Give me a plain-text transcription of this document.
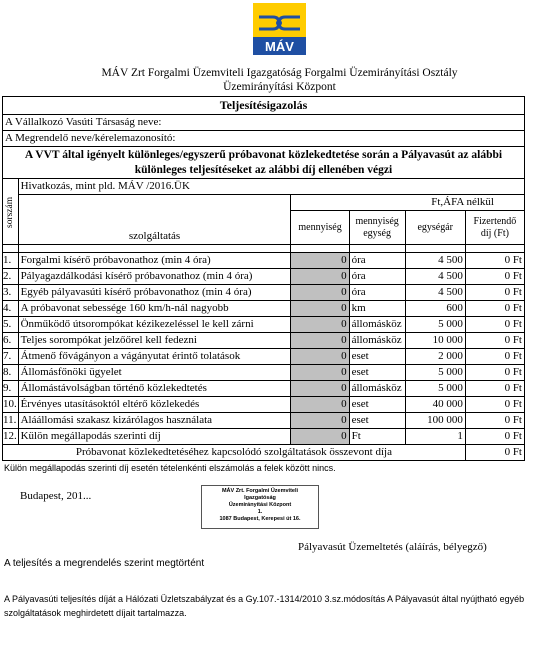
MÁV
MÁV Zrt Forgalmi Üzemviteli Igazgatóság Forgalmi Üzemirányítási Osztály
Üzemirányítási Központ
Teljesítésigazolás					
A Vállalkozó Vasúti Társaság neve:					
A Megrendelő neve/kérelemazonosító:					
A VVT által igényelt különleges/egyszerű próbavonat közlekedtetése során a Pályavasút az alábbi különleges teljesítéseket az alábbi díj ellenében végzi					
sorszám	Hivatkozás, mint pld. MÁV /2016.ÜK				
	szolgáltatás	Ft,ÁFA nélkül			
		mennyiség	mennyiség egység	egységár	Fizertendő díj (Ft)

1.	Forgalmi kísérő próbavonathoz (min 4 óra)	0	óra	4 500	0 Ft
2.	Pályagazdálkodási kísérő próbavonathoz (min 4 óra)	0	óra	4 500	0 Ft
3.	Egyéb pályavasúti kísérő próbavonathoz (min 4 óra)	0	óra	4 500	0 Ft
4.	A próbavonat sebessége 160 km/h-nál nagyobb	0	km	600	0 Ft
5.	Önműködő útsorompókat kézikezeléssel le kell zárni	0	állomásköz	5 000	0 Ft
6.	Teljes sorompókat jelzőőrel kell fedezni	0	állomásköz	10 000	0 Ft
7.	Átmenő fővágányon a vágányutat érintő tolatások	0	eset	2 000	0 Ft
8.	Állomásfőnöki ügyelet	0	eset	5 000	0 Ft
9.	Állomástávolságban történő közlekedtetés	0	állomásköz	5 000	0 Ft
10.	Érvényes utasításoktól eltérő közlekedés	0	eset	40 000	0 Ft
11.	Aláállomási szakasz kizárólagos használata	0	eset	100 000	0 Ft
12.	Külön megállapodás szerinti díj	0	Ft	1	0 Ft
Próbavonat közlekedtetéséhez kapcsolódó szolgáltatások összevont díja					0 Ft
Külön megállapodás szerinti díj esetén tételenkénti elszámolás a felek között nincs.
Budapest, 201...	MÁV Zrt. Forgalmi Üzemviteli
Igazgatóság
Üzemirányítási Központ
1.
1087 Budapest, Kerepesi út 16.
Pályavasút Üzemeltetés (aláírás, bélyegző)
A teljesítés a megrendelés szerint megtörtént
A Pályavasúti teljesítés díját a Hálózati Üzletszabályzat és a Gy.107.-1314/2010 3.sz.módosítás A Pályavasút által nyújtható egyéb szolgáltatások meghirdetett díjait tartalmazza.
